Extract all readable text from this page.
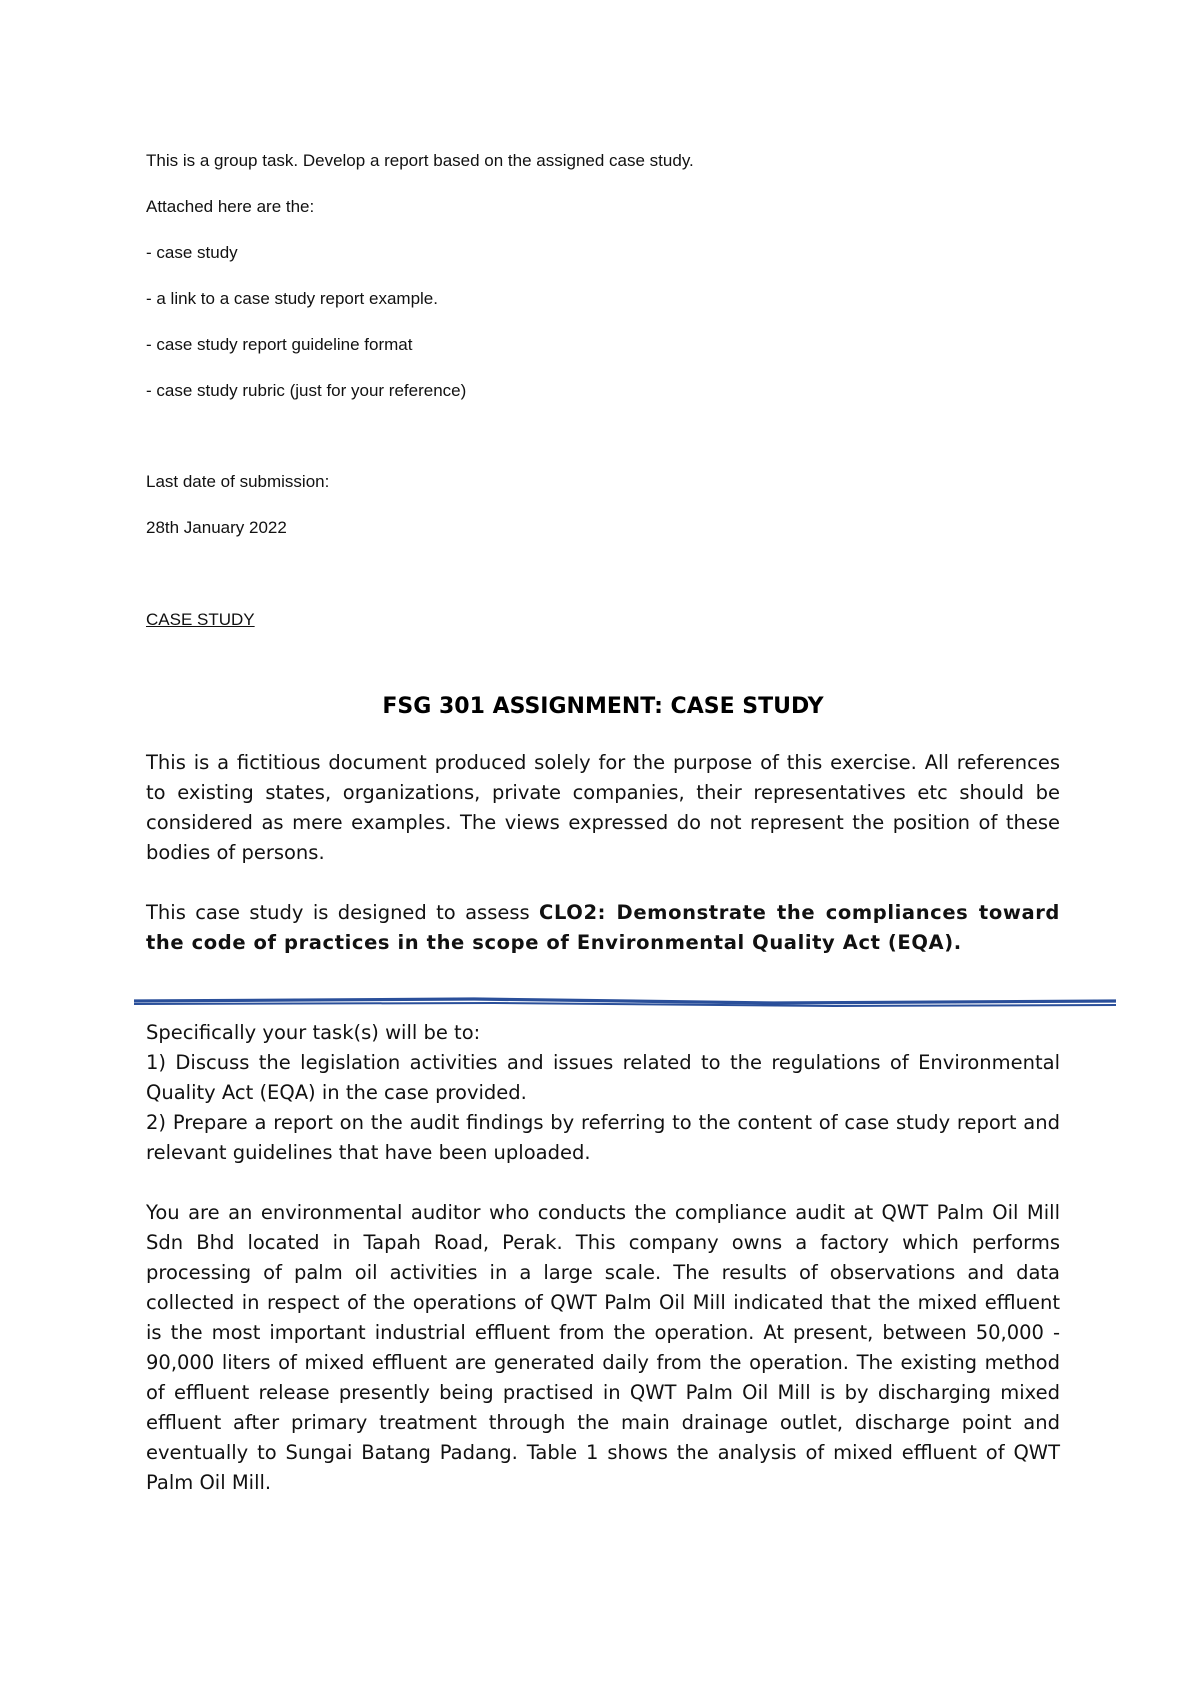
This is a group task. Develop a report based on the assigned case study.

Attached here are the:

- case study

- a link to a case study report example.

- case study report guideline format

- case study rubric (just for your reference)

Last date of submission:

28th January 2022

CASE STUDY

FSG 301 ASSIGNMENT: CASE STUDY

This is a fictitious document produced solely for the purpose of this exercise. All references to existing states, organizations, private companies, their representatives etc should be considered as mere examples. The views expressed do not represent the position of these bodies of persons.

This case study is designed to assess CLO2: Demonstrate the compliances toward the code of practices in the scope of Environmental Quality Act (EQA).

Specifically your task(s) will be to:

1) Discuss the legislation activities and issues related to the regulations of Environmental Quality Act (EQA) in the case provided.

2) Prepare a report on the audit findings by referring to the content of case study report and relevant guidelines that have been uploaded.

You are an environmental auditor who conducts the compliance audit at QWT Palm Oil Mill Sdn Bhd located in Tapah Road, Perak. This company owns a factory which performs processing of palm oil activities in a large scale. The results of observations and data collected in respect of the operations of QWT Palm Oil Mill indicated that the mixed effluent is the most important industrial effluent from the operation. At present, between 50,000 - 90,000 liters of mixed effluent are generated daily from the operation. The existing method of effluent release presently being practised in QWT Palm Oil Mill is by discharging mixed effluent after primary treatment through the main drainage outlet, discharge point and eventually to Sungai Batang Padang. Table 1 shows the analysis of mixed effluent of QWT Palm Oil Mill.
